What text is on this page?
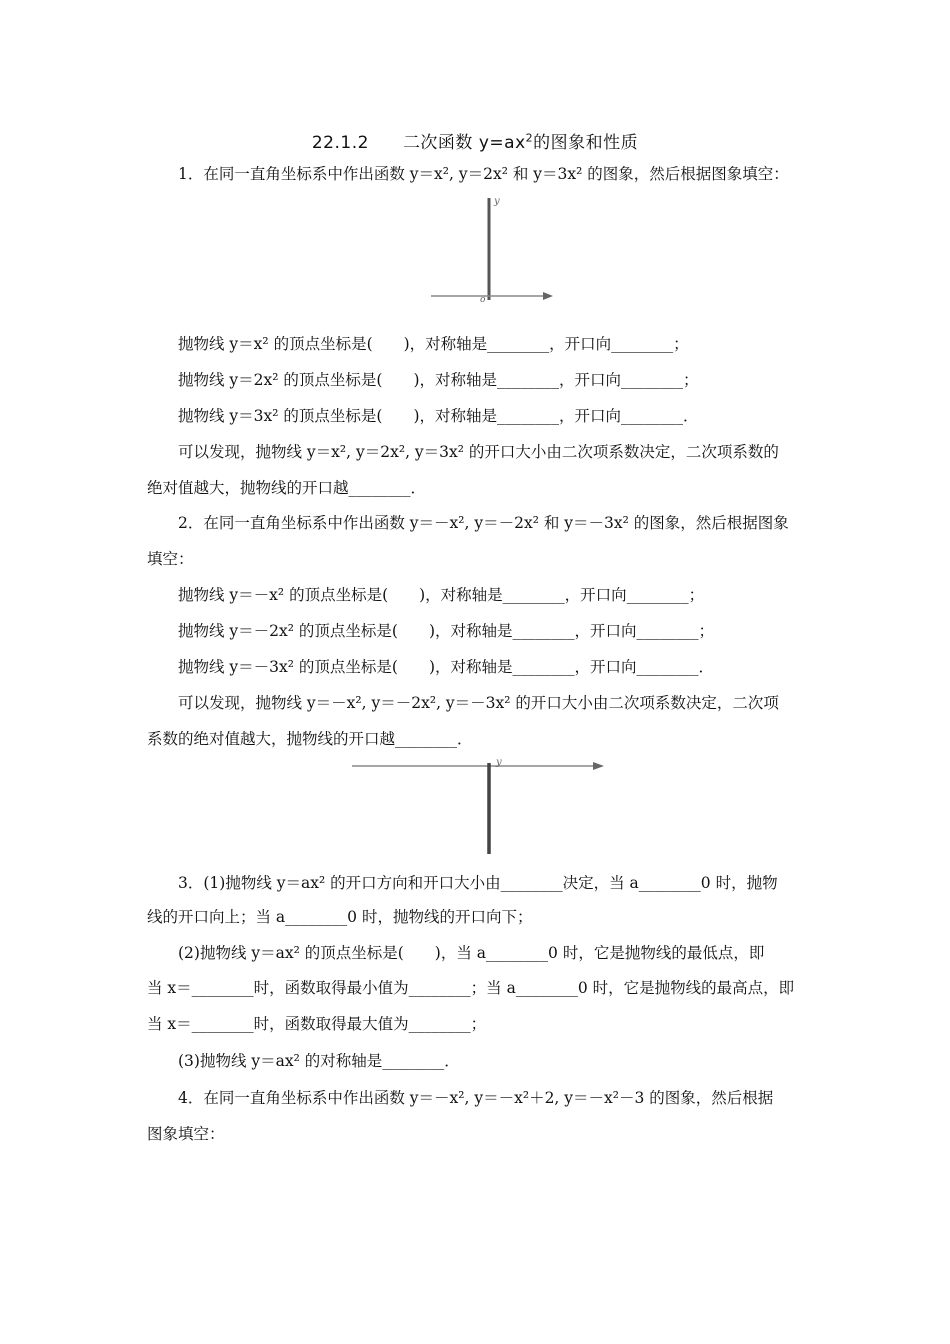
22.1.2 二次函数 $y=ax^2$的图象和性质
1．在同一直角坐标系中作出函数 y＝x², y＝2x² 和 y＝3x² 的图象，然后根据图象填空：
y
o
抛物线 y＝x² 的顶点坐标是(　　)，对称轴是________，开口向________；
抛物线 y＝2x² 的顶点坐标是(　　)，对称轴是________，开口向________；
抛物线 y＝3x² 的顶点坐标是(　　)，对称轴是________，开口向________．
可以发现，抛物线 y＝x², y＝2x², y＝3x² 的开口大小由二次项系数决定，二次项系数的
绝对值越大，抛物线的开口越________．
2．在同一直角坐标系中作出函数 y＝－x², y＝－2x² 和 y＝－3x² 的图象，然后根据图象
填空：
抛物线 y＝－x² 的顶点坐标是(　　)，对称轴是________，开口向________；
抛物线 y＝－2x² 的顶点坐标是(　　)，对称轴是________，开口向________；
抛物线 y＝－3x² 的顶点坐标是(　　)，对称轴是________，开口向________．
可以发现，抛物线 y＝－x², y＝－2x², y＝－3x² 的开口大小由二次项系数决定，二次项
系数的绝对值越大，抛物线的开口越________．
y
3．(1)抛物线 y＝ax² 的开口方向和开口大小由________决定，当 a________0 时，抛物
线的开口向上；当 a________0 时，抛物线的开口向下；
(2)抛物线 y＝ax² 的顶点坐标是(　　)，当 a________0 时，它是抛物线的最低点，即
当 x＝________时，函数取得最小值为________；当 a________0 时，它是抛物线的最高点，即
当 x＝________时，函数取得最大值为________；
(3)抛物线 y＝ax² 的对称轴是________．
4．在同一直角坐标系中作出函数 y＝－x², y＝－x²＋2, y＝－x²－3 的图象，然后根据
图象填空：
